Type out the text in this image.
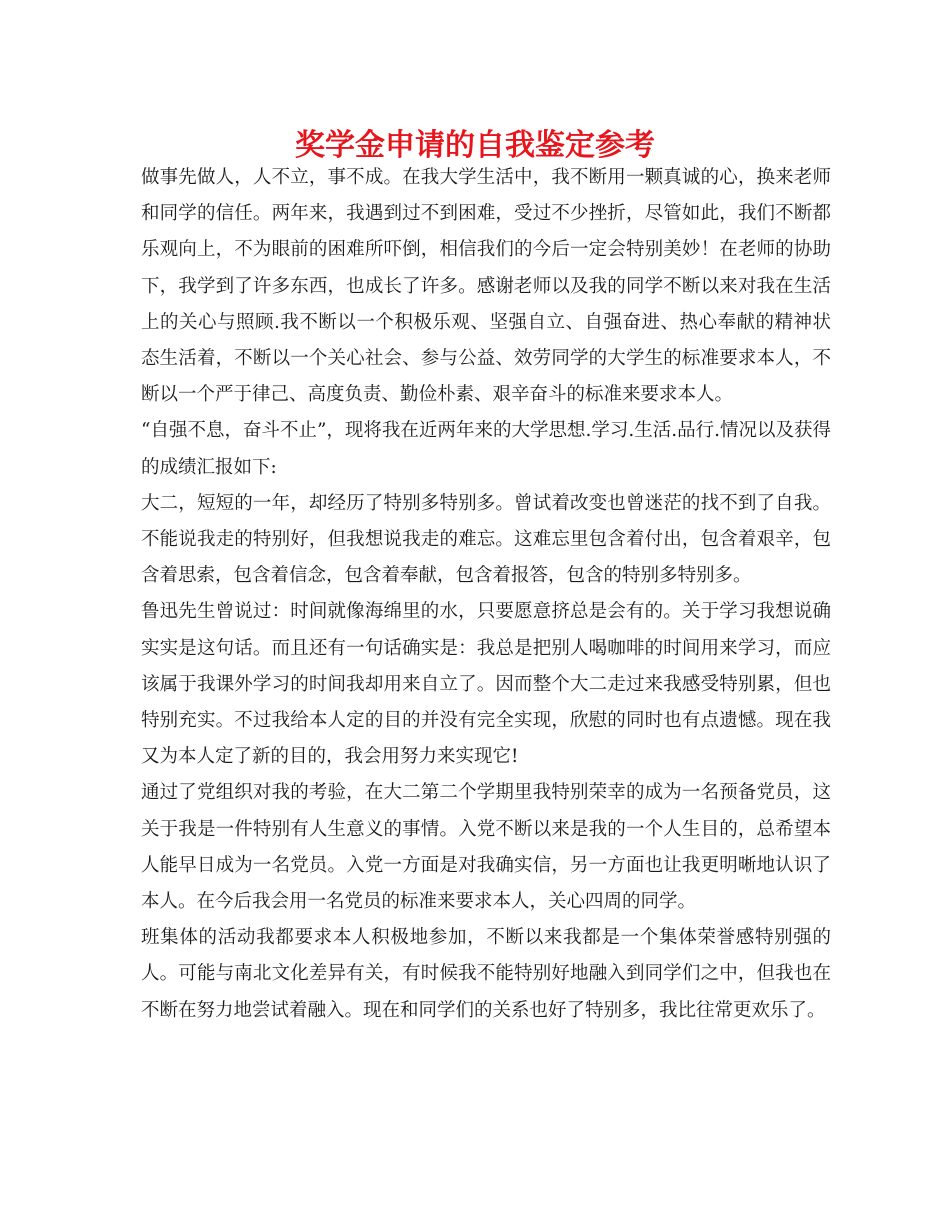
奖学金申请的自我鉴定参考

做事先做人，人不立，事不成。在我大学生活中，我不断用一颗真诚的心，换来老师和同学的信任。两年来，我遇到过不到困难，受过不少挫折，尽管如此，我们不断都乐观向上，不为眼前的困难所吓倒，相信我们的今后一定会特别美妙！在老师的协助下，我学到了许多东西，也成长了许多。感谢老师以及我的同学不断以来对我在生活上的关心与照顾.我不断以一个积极乐观、坚强自立、自强奋进、热心奉献的精神状态生活着，不断以一个关心社会、参与公益、效劳同学的大学生的标准要求本人，不断以一个严于律己、高度负责、勤俭朴素、艰辛奋斗的标准来要求本人。

“自强不息，奋斗不止”，现将我在近两年来的大学思想.学习.生活.品行.情况以及获得的成绩汇报如下:

大二，短短的一年，却经历了特别多特别多。曾试着改变也曾迷茫的找不到了自我。不能说我走的特别好，但我想说我走的难忘。这难忘里包含着付出，包含着艰辛，包含着思索，包含着信念，包含着奉献，包含着报答，包含的特别多特别多。

鲁迅先生曾说过：时间就像海绵里的水，只要愿意挤总是会有的。关于学习我想说确实实是这句话。而且还有一句话确实是：我总是把别人喝咖啡的时间用来学习，而应该属于我课外学习的时间我却用来自立了。因而整个大二走过来我感受特别累，但也特别充实。不过我给本人定的目的并没有完全实现，欣慰的同时也有点遗憾。现在我又为本人定了新的目的，我会用努力来实现它!

通过了党组织对我的考验，在大二第二个学期里我特别荣幸的成为一名预备党员，这关于我是一件特别有人生意义的事情。入党不断以来是我的一个人生目的，总希望本人能早日成为一名党员。入党一方面是对我确实信，另一方面也让我更明晰地认识了本人。在今后我会用一名党员的标准来要求本人，关心四周的同学。

班集体的活动我都要求本人积极地参加，不断以来我都是一个集体荣誉感特别强的人。可能与南北文化差异有关，有时候我不能特别好地融入到同学们之中，但我也在不断在努力地尝试着融入。现在和同学们的关系也好了特别多，我比往常更欢乐了。
